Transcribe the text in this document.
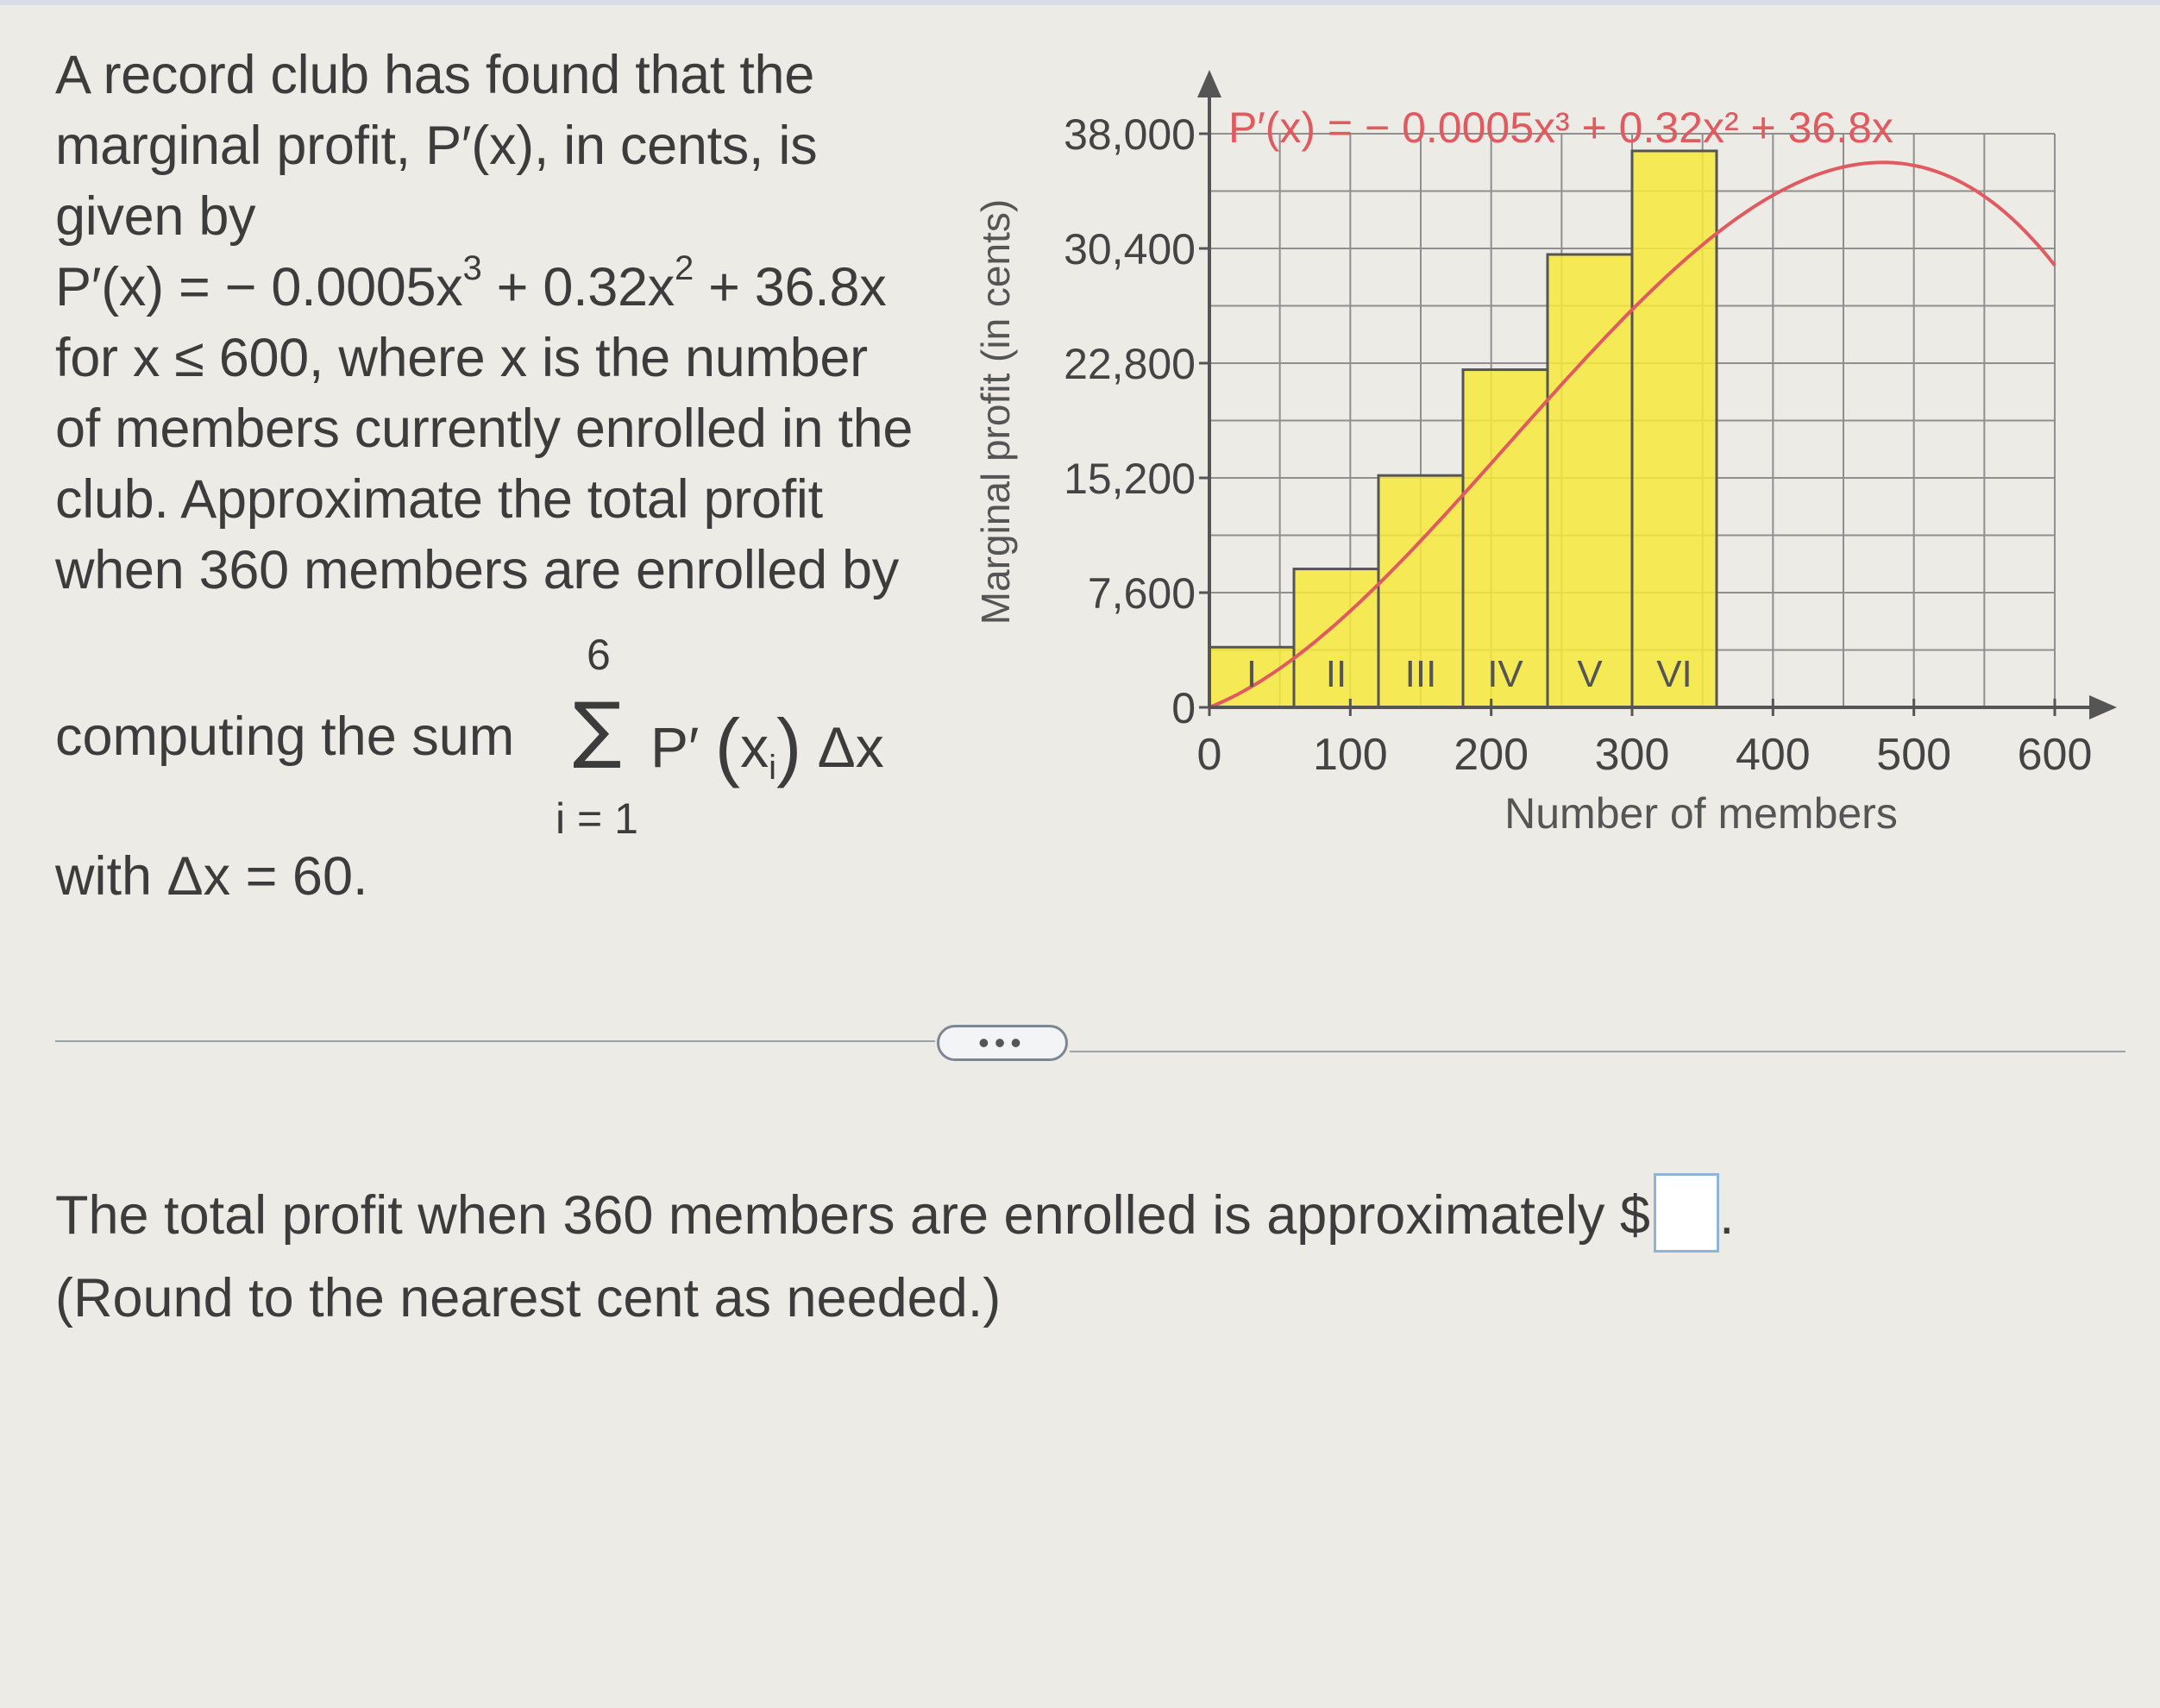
A record club has found that the
marginal profit, P′(x), in cents, is
given by
P′(x) = − $0.0005x^3 + 0.32x^2 + 36.8x$
for x ≤ 600, where x is the number
of members currently enrolled in the
club. Approximate the total profit
when 360 members are enrolled by
computing the sum
6
∑
i = 1
P′ $(x_i)$ Δx
with Δx = 60.
I II III IV V VI
0 100 200 300 400 500 600
0
7,600
15,200
22,800
30,400
38,000
Number of members
Marginal profit (in cents)
P′(x) = − 0.0005x³ + 0.32x² + 36.8x
•••
The total profit when 360 members are enrolled is approximately $ .
(Round to the nearest cent as needed.)
